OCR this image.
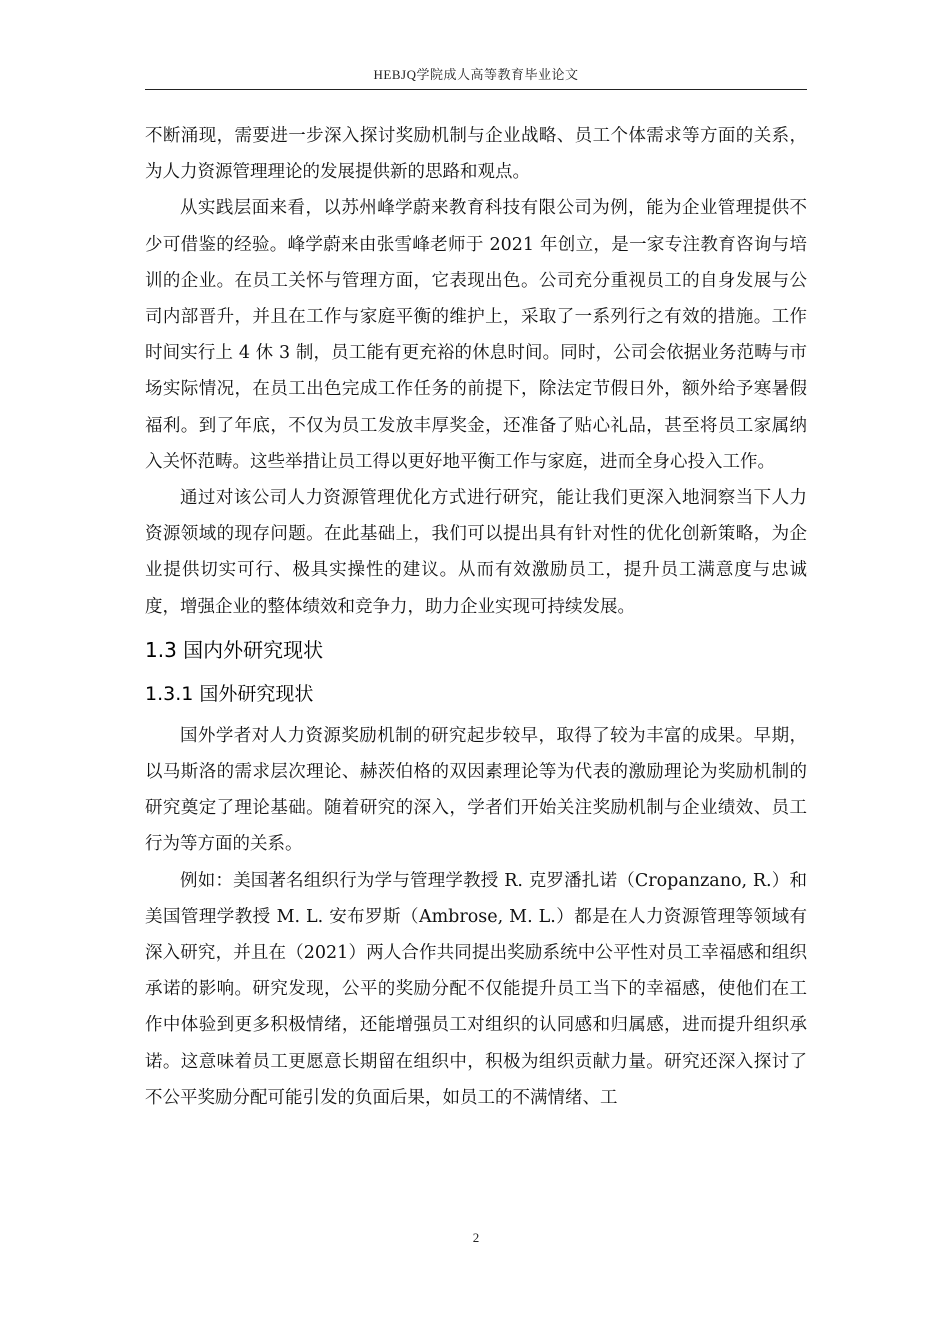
HEBJQ学院成人高等教育毕业论文

不断涌现，需要进一步深入探讨奖励机制与企业战略、员工个体需求等方面的关系，为人力资源管理理论的发展提供新的思路和观点。

从实践层面来看，以苏州峰学蔚来教育科技有限公司为例，能为企业管理提供不少可借鉴的经验。峰学蔚来由张雪峰老师于 2021 年创立，是一家专注教育咨询与培训的企业。在员工关怀与管理方面，它表现出色。公司充分重视员工的自身发展与公司内部晋升，并且在工作与家庭平衡的维护上，采取了一系列行之有效的措施。工作时间实行上 4 休 3 制，员工能有更充裕的休息时间。同时，公司会依据业务范畴与市场实际情况，在员工出色完成工作任务的前提下，除法定节假日外，额外给予寒暑假福利。到了年底，不仅为员工发放丰厚奖金，还准备了贴心礼品，甚至将员工家属纳入关怀范畴。这些举措让员工得以更好地平衡工作与家庭，进而全身心投入工作。

通过对该公司人力资源管理优化方式进行研究，能让我们更深入地洞察当下人力资源领域的现存问题。在此基础上，我们可以提出具有针对性的优化创新策略，为企业提供切实可行、极具实操性的建议。从而有效激励员工，提升员工满意度与忠诚度，增强企业的整体绩效和竞争力，助力企业实现可持续发展。

1.3 国内外研究现状
1.3.1 国外研究现状

国外学者对人力资源奖励机制的研究起步较早，取得了较为丰富的成果。早期，以马斯洛的需求层次理论、赫茨伯格的双因素理论等为代表的激励理论为奖励机制的研究奠定了理论基础。随着研究的深入，学者们开始关注奖励机制与企业绩效、员工行为等方面的关系。

例如：美国著名组织行为学与管理学教授 R. 克罗潘扎诺（Cropanzano, R.）和美国管理学教授 M. L. 安布罗斯（Ambrose, M. L.）都是在人力资源管理等领域有深入研究，并且在（2021）两人合作共同提出奖励系统中公平性对员工幸福感和组织承诺的影响。研究发现，公平的奖励分配不仅能提升员工当下的幸福感，使他们在工作中体验到更多积极情绪，还能增强员工对组织的认同感和归属感，进而提升组织承诺。这意味着员工更愿意长期留在组织中，积极为组织贡献力量。研究还深入探讨了不公平奖励分配可能引发的负面后果，如员工的不满情绪、工

2
